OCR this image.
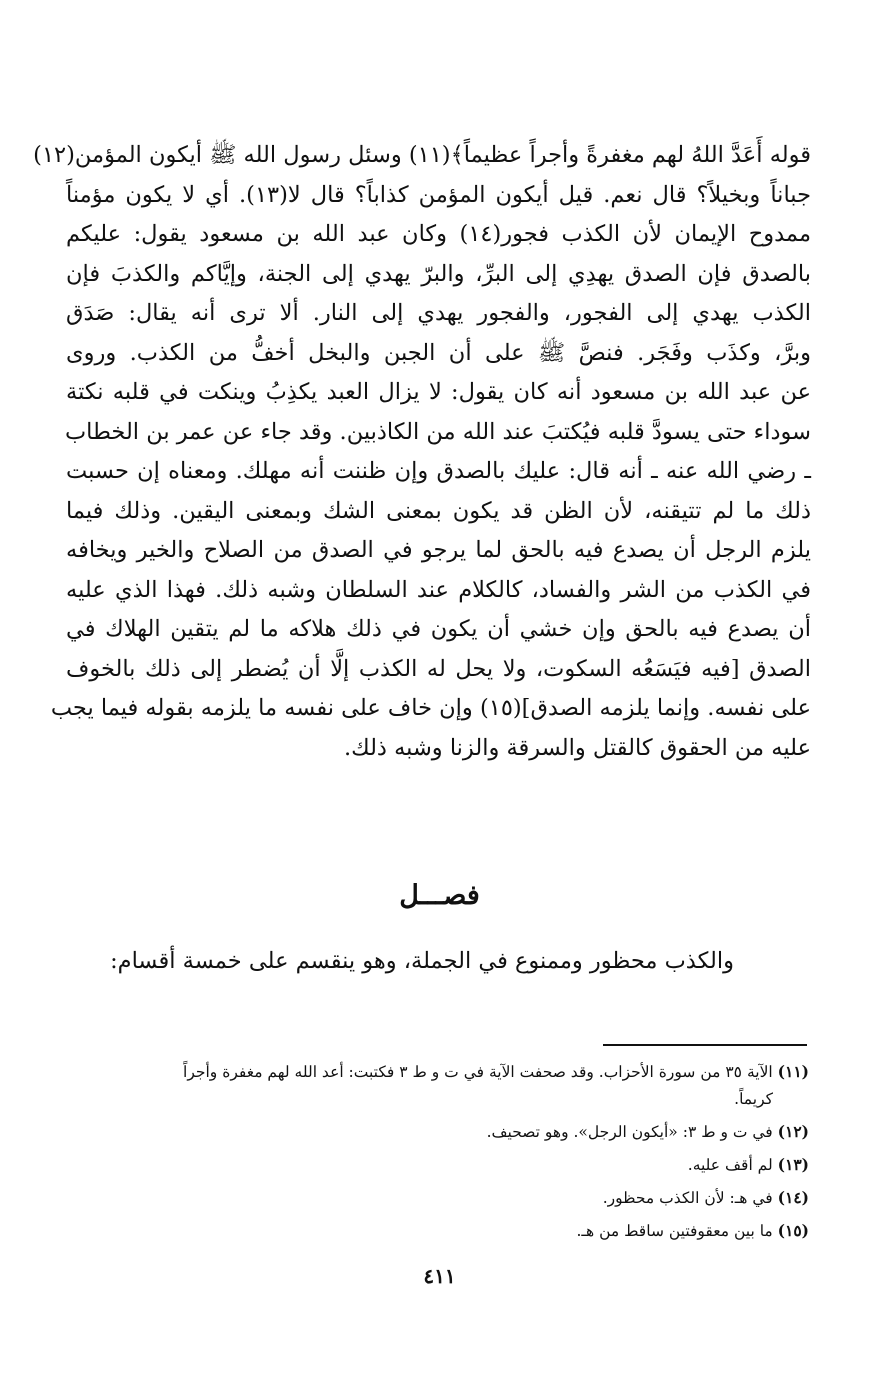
قوله أَعَدَّ اللهُ لهم مغفرةً وأجراً عظيماً﴾(١١) وسئل رسول الله ﷺ أيكون المؤمن(١٢)
جباناً وبخيلاً؟ قال نعم. قيل أيكون المؤمن كذاباً؟ قال لا(١٣). أي لا يكون مؤمناً
ممدوح الإيمان لأن الكذب فجور(١٤) وكان عبد الله بن مسعود يقول: عليكم
بالصدق فإن الصدق يهدِي إلى البرِّ، والبرّ يهدي إلى الجنة، وإيَّاكم والكذبَ فإن
الكذب يهدي إلى الفجور، والفجور يهدي إلى النار. ألا ترى أنه يقال: صَدَق
وبرَّ، وكذَب وفَجَر. فنصَّ ﷺ على أن الجبن والبخل أخفُّ من الكذب. وروى
عن عبد الله بن مسعود أنه كان يقول: لا يزال العبد يكذِبُ وينكت في قلبه نكتة
سوداء حتى يسودَّ قلبه فيُكتبَ عند الله من الكاذبين. وقد جاء عن عمر بن الخطاب
ـ رضي الله عنه ـ أنه قال: عليك بالصدق وإن ظننت أنه مهلك. ومعناه إن حسبت
ذلك ما لم تتيقنه، لأن الظن قد يكون بمعنى الشك وبمعنى اليقين. وذلك فيما
يلزم الرجل أن يصدع فيه بالحق لما يرجو في الصدق من الصلاح والخير ويخافه
في الكذب من الشر والفساد، كالكلام عند السلطان وشبه ذلك. فهذا الذي عليه
أن يصدع فيه بالحق وإن خشي أن يكون في ذلك هلاكه ما لم يتقين الهلاك في
الصدق [فيه فيَسَعُه السكوت، ولا يحل له الكذب إلَّا أن يُضطر إلى ذلك بالخوف
على نفسه. وإنما يلزمه الصدق](١٥) وإن خاف على نفسه ما يلزمه بقوله فيما يجب
عليه من الحقوق كالقتل والسرقة والزنا وشبه ذلك.
فصـــل

والكذب محظور وممنوع في الجملة، وهو ينقسم على خمسة أقسام:

(١١) الآية ٣٥ من سورة الأحزاب. وقد صحفت الآية في ت و ط ٣ فكتبت: أعد الله لهم مغفرة وأجراً
كريماً.
(١٢) في ت و ط ٣: «أيكون الرجل». وهو تصحيف.
(١٣) لم أقف عليه.
(١٤) في هـ: لأن الكذب محظور.
(١٥) ما بين معقوفتين ساقط من هـ.
٤١١
